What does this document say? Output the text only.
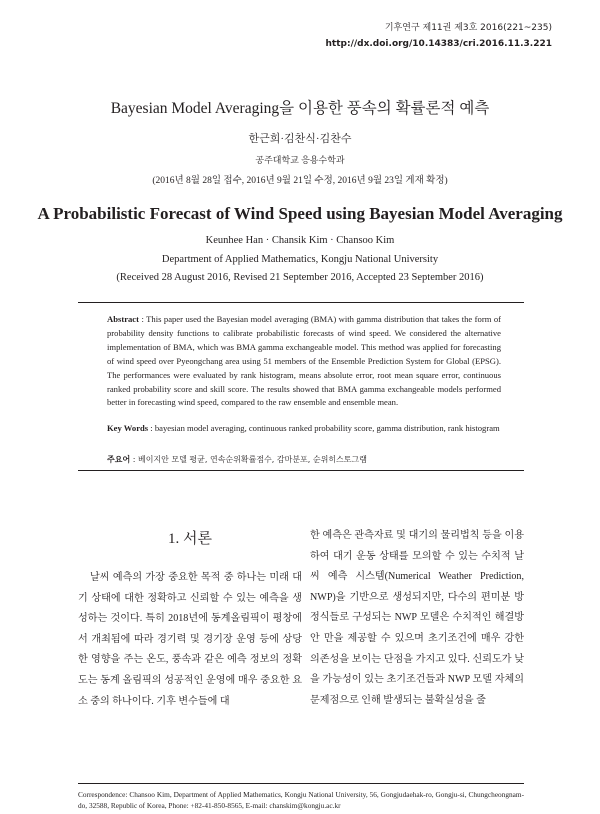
기후연구 제11권 제3호 2016(221~235)
http://dx.doi.org/10.14383/cri.2016.11.3.221
Bayesian Model Averaging을 이용한 풍속의 확률론적 예측
한근희·김찬식·김찬수
공주대학교 응용수학과
(2016년 8월 28일 접수, 2016년 9월 21일 수정, 2016년 9월 23일 게재 확정)
A Probabilistic Forecast of Wind Speed using Bayesian Model Averaging
Keunhee Han · Chansik Kim · Chansoo Kim
Department of Applied Mathematics, Kongju National University
(Received 28 August 2016, Revised 21 September 2016, Accepted 23 September 2016)
Abstract : This paper used the Bayesian model averaging (BMA) with gamma distribution that takes the form of probability density functions to calibrate probabilistic forecasts of wind speed. We considered the alternative implementation of BMA, which was BMA gamma exchangeable model. This method was applied for forecasting of wind speed over Pyeongchang area using 51 members of the Ensemble Prediction System for Global (EPSG). The performances were evaluated by rank histogram, means absolute error, root mean square error, continuous ranked probability score and skill score. The results showed that BMA gamma exchangeable models performed better in forecasting wind speed, compared to the raw ensemble and ensemble mean.
Key Words : bayesian model averaging, continuous ranked probability score, gamma distribution, rank histogram
주요어 : 베이지안 모델 평균, 연속순위확률점수, 감마분포, 순위히스토그램
1. 서론

날씨 예측의 가장 중요한 목적 중 하나는 미래 대기 상태에 대한 정확하고 신뢰할 수 있는 예측을 생성하는 것이다. 특히 2018년에 동계올림픽이 평창에서 개최됨에 따라 경기력 및 경기장 운영 등에 상당한 영향을 주는 온도, 풍속과 같은 예측 정보의 정확도는 동계 올림픽의 성공적인 운영에 매우 중요한 요소 중의 하나이다. 기후 변수들에 대

한 예측은 관측자료 및 대기의 물리법칙 등을 이용하여 대기 운동 상태를 모의할 수 있는 수치적 날씨 예측 시스템(Numerical Weather Prediction, NWP)을 기반으로 생성되지만, 다수의 편미분 방정식들로 구성되는 NWP 모델은 수치적인 해결방안 만을 제공할 수 있으며 초기조건에 매우 강한 의존성을 보이는 단점을 가지고 있다. 신뢰도가 낮을 가능성이 있는 초기조건들과 NWP 모델 자체의 문제점으로 인해 발생되는 불확실성을 줄

Correspondence: Chansoo Kim, Department of Applied Mathematics, Kongju National University, 56, Gongjudaehak-ro, Gongju-si, Chungcheongnam-do, 32588, Republic of Korea, Phone: +82-41-850-8565, E-mail: chanskim@kongju.ac.kr
